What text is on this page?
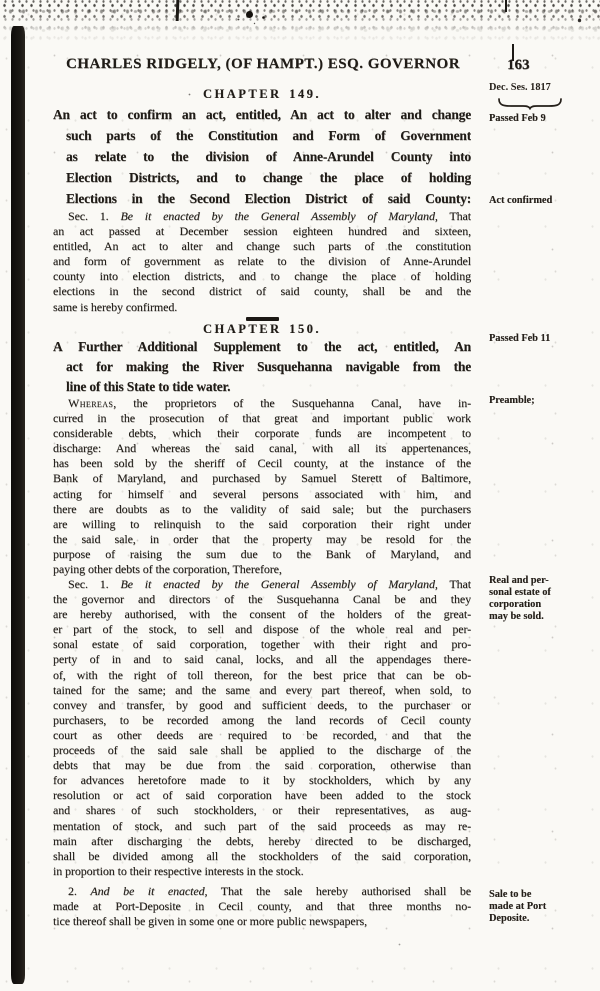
CHARLES RIDGELY, (OF HAMPT.) ESQ. GOVERNOR	163
CHAPTER 149.
An act to confirm an act, entitled, An act to alter and change
such parts of the Constitution and Form of Government
as relate to the division of Anne-Arundel County into
Election Districts, and to change the place of holding
Elections in the Second Election District of said County:
Sec. 1. Be it enacted by the General Assembly of Maryland, That
an act passed at December session eighteen hundred and sixteen,
entitled, An act to alter and change such parts of the constitution
and form of government as relate to the division of Anne-Arundel
county into election districts, and to change the place of holding
elections in the second district of said county, shall be and the
same is hereby confirmed.
CHAPTER 150.
A Further Additional Supplement to the act, entitled, An
act for making the River Susquehanna navigable from the
line of this State to tide water.
Whereas, the proprietors of the Susquehanna Canal, have in-
curred in the prosecution of that great and important public work
considerable debts, which their corporate funds are incompetent to
discharge: And whereas the said canal, with all its appertenances,
has been sold by the sheriff of Cecil county, at the instance of the
Bank of Maryland, and purchased by Samuel Sterett of Baltimore,
acting for himself and several persons associated with him, and
there are doubts as to the validity of said sale; but the purchasers
are willing to relinquish to the said corporation their right under
the said sale, in order that the property may be resold for the
purpose of raising the sum due to the Bank of Maryland, and
paying other debts of the corporation, Therefore,
Sec. 1. Be it enacted by the General Assembly of Maryland, That
the governor and directors of the Susquehanna Canal be and they
are hereby authorised, with the consent of the holders of the great-
er part of the stock, to sell and dispose of the whole real and per-
sonal estate of said corporation, together with their right and pro-
perty of in and to said canal, locks, and all the appendages there-
of, with the right of toll thereon, for the best price that can be ob-
tained for the same; and the same and every part thereof, when sold, to
convey and transfer, by good and sufficient deeds, to the purchaser or
purchasers, to be recorded among the land records of Cecil county
court as other deeds are required to be recorded, and that the
proceeds of the said sale shall be applied to the discharge of the
debts that may be due from the said corporation, otherwise than
for advances heretofore made to it by stockholders, which by any
resolution or act of said corporation have been added to the stock
and shares of such stockholders, or their representatives, as aug-
mentation of stock, and such part of the said proceeds as may re-
main after discharging the debts, hereby directed to be discharged,
shall be divided among all the stockholders of the said corporation,
in proportion to their respective interests in the stock.
2. And be it enacted, That the sale hereby authorised shall be
made at Port-Deposite in Cecil county, and that three months no-
tice thereof shall be given in some one or more public newspapers,
Dec. Ses. 1817
Passed Feb 9
Act confirmed
Passed Feb 11
Preamble;
Real and per-
sonal estate of
corporation
may be sold.
Sale to be
made at Port
Deposite.
